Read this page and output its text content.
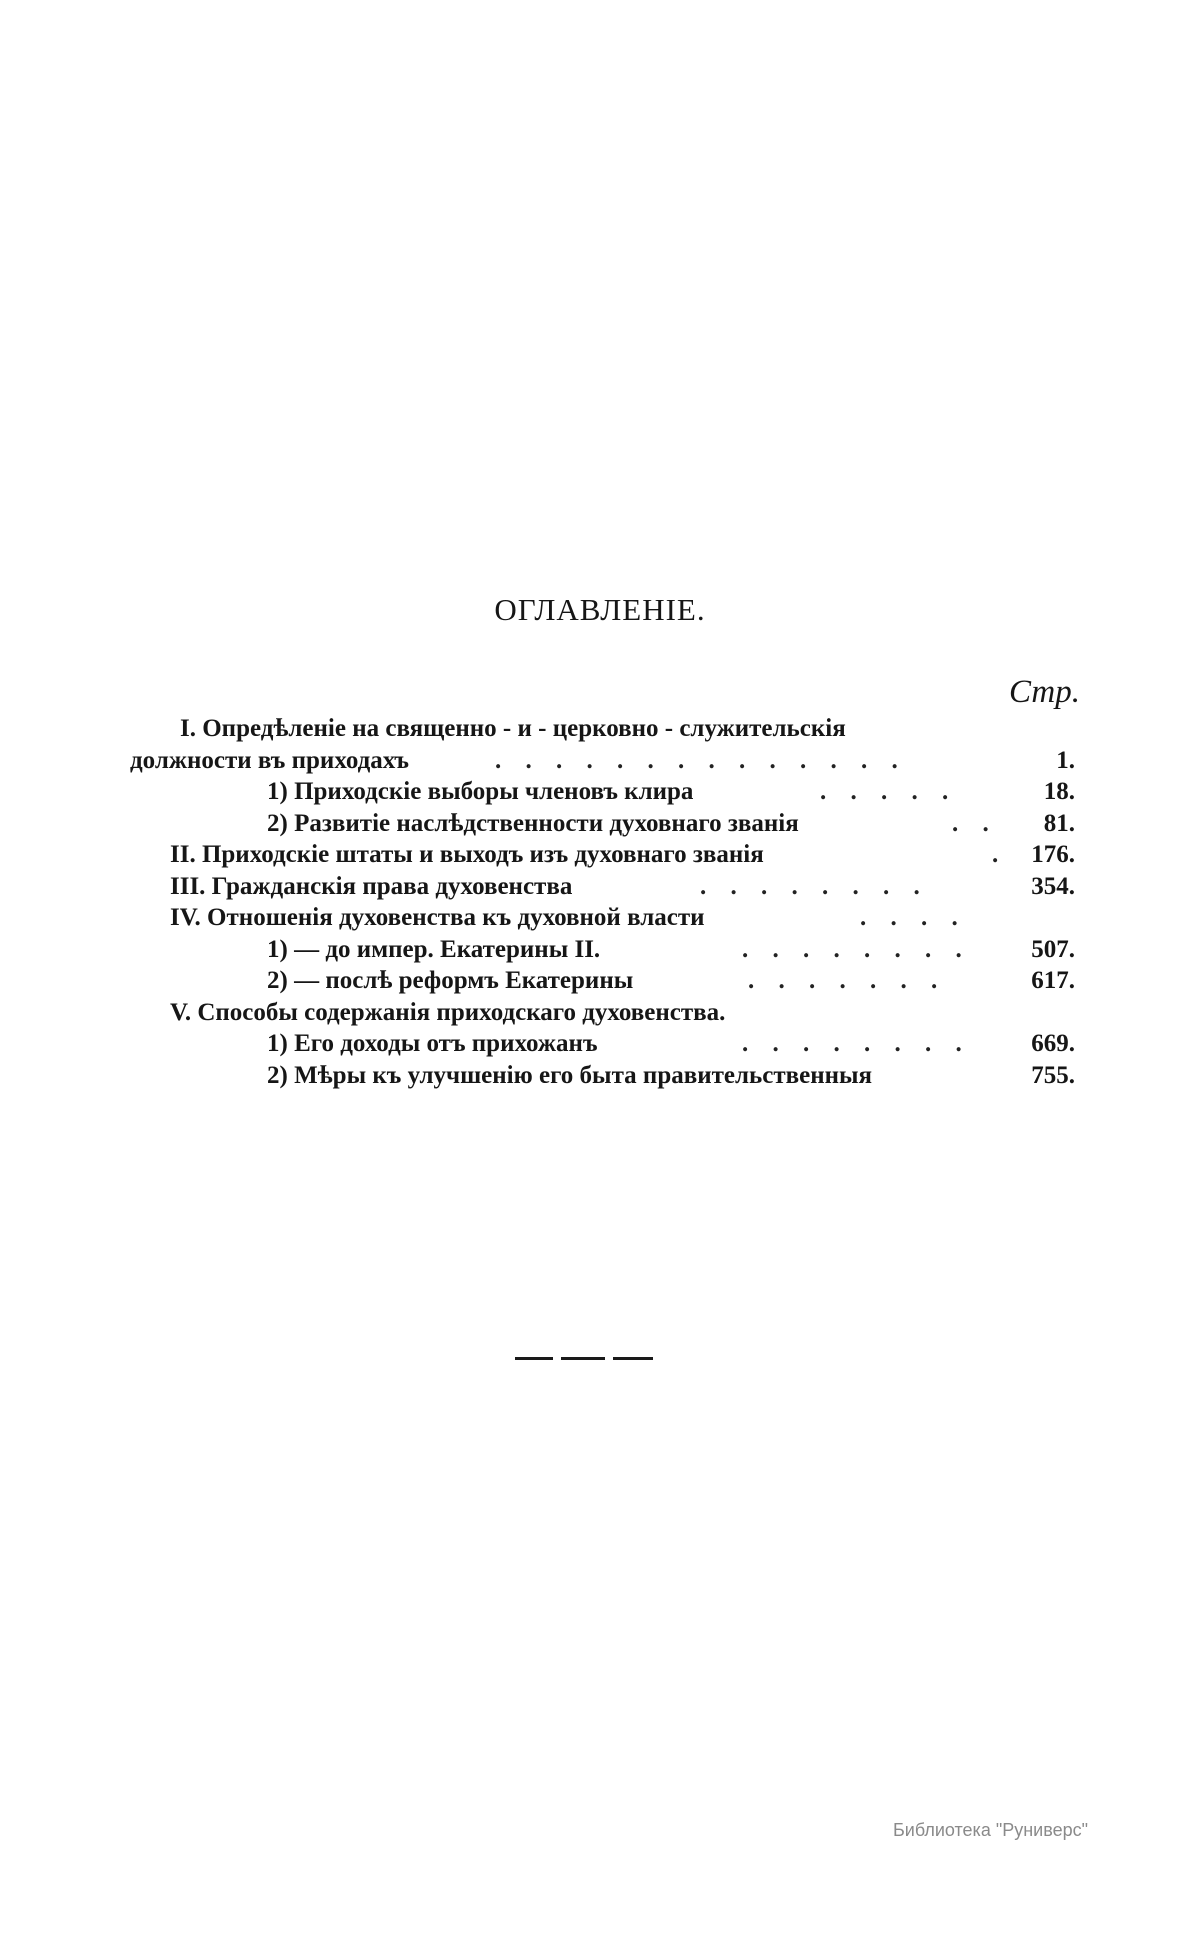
ОГЛАВЛЕНІЕ.
Стр.
I. Опредѣленіе на священно - и - церковно - служительскія
должности въ приходахъ	. . . . . . . . . . . . . .	1.
1) Приходскіе выборы членовъ клира	. . . . .	18.
2) Развитіе наслѣдственности духовнаго званія	. . 81.
II. Приходскіе штаты и выходъ изъ духовнаго званія	. 176.
III. Гражданскія права духовенства	. . . . . . . .	354.
IV. Отношенія духовенства къ духовной власти	. . . .
1) — до импер. Екатерины II.	. . . . . . . . 507.
2) — послѣ реформъ Екатерины	. . . . . . .	617.
V. Способы содержанія приходскаго духовенства.
1) Его доходы отъ прихожанъ	. . . . . . . . 669.
2) Мѣры къ улучшенію его быта правительственныя	755.
Библиотека "Руниверс"
